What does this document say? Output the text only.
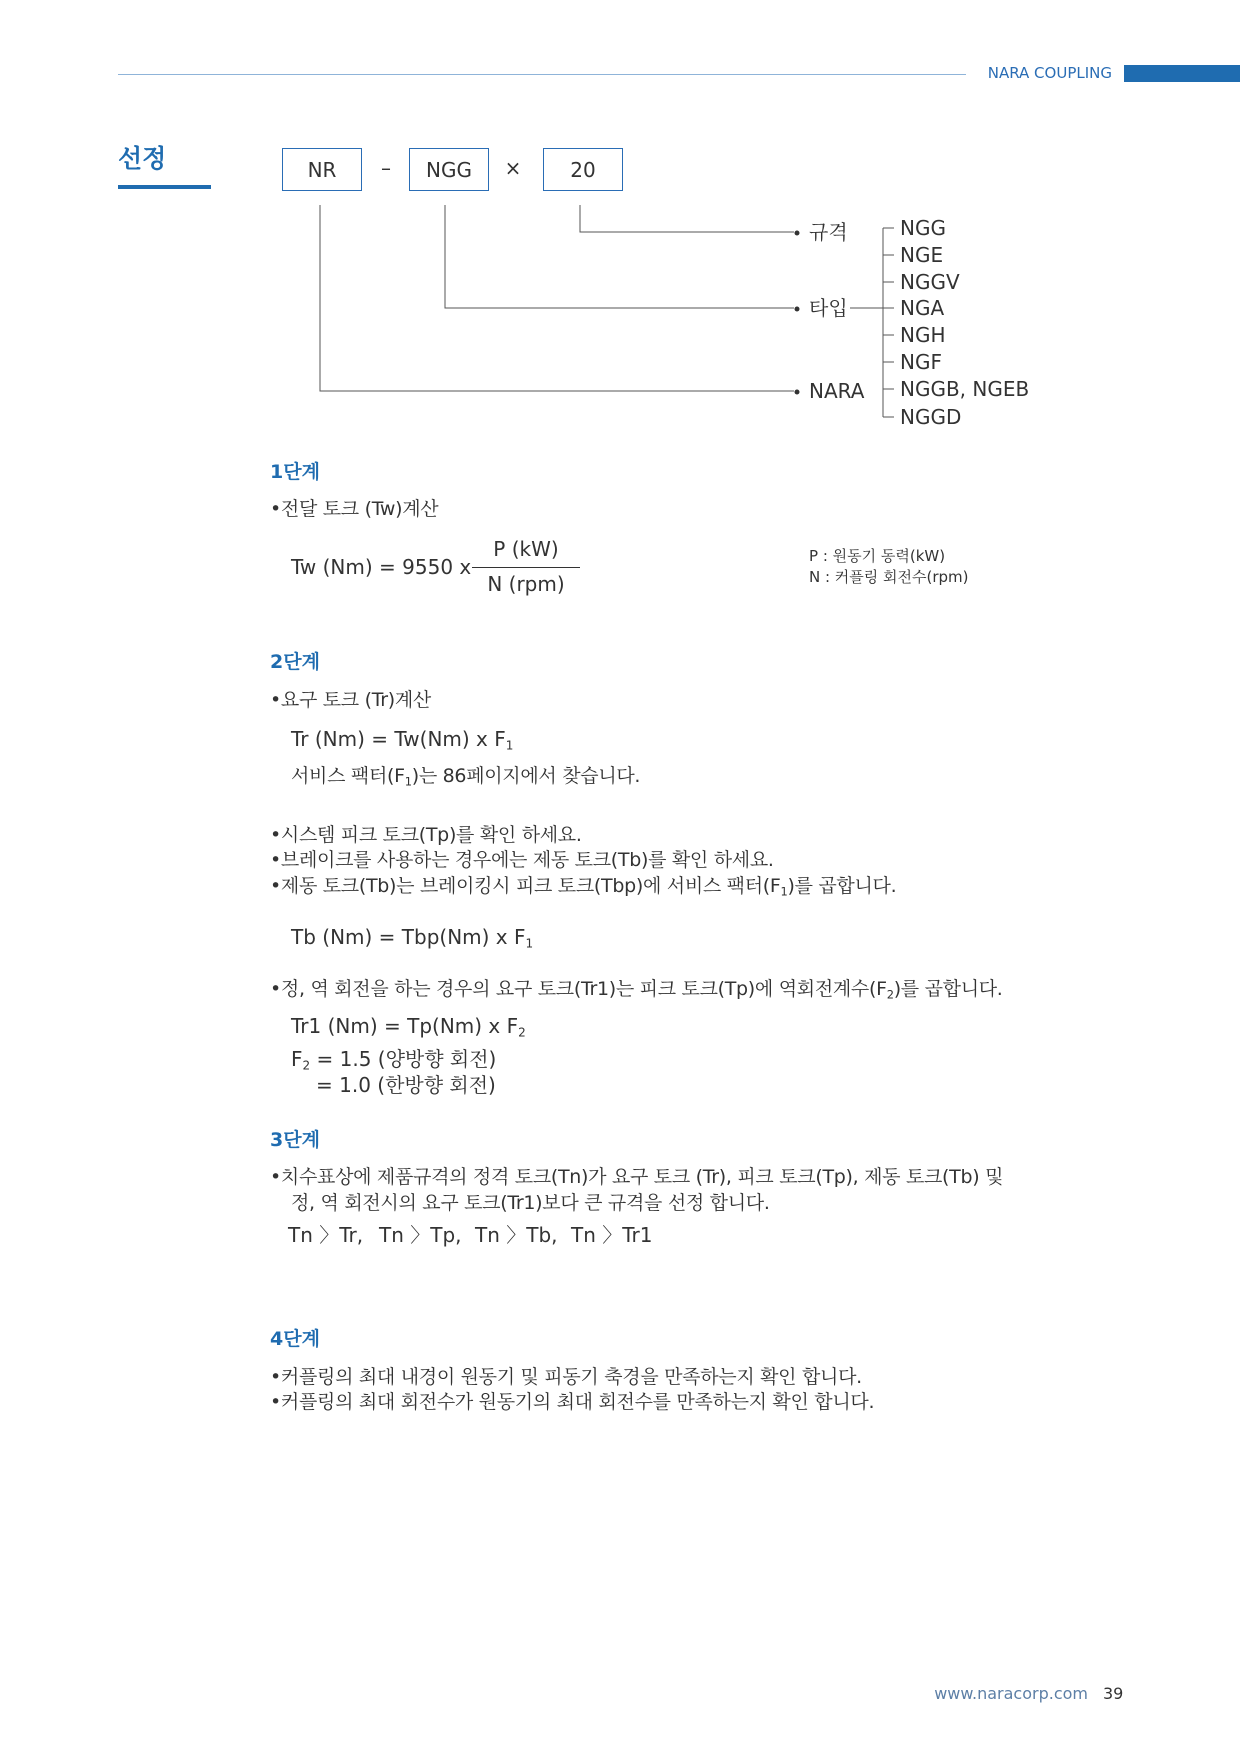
NARA COUPLING
선정	NR	–	NGG	×	20
규격
타입
NARA
NGG
NGE
NGGV
NGA
NGH
NGF
NGGB, NGEB
NGGD
1단계
•전달 토크 (Tw)계산
Tw (Nm) = 9550 x
P (kW)
N (rpm)
P : 원동기 동력(kW)
N : 커플링 회전수(rpm)
2단계
•요구 토크 (Tr)계산
Tr (Nm) = Tw(Nm) x $F_1$
서비스 팩터$(F_1)$는 86페이지에서 찾습니다.
•시스템 피크 토크(Tp)를 확인 하세요.
•브레이크를 사용하는 경우에는 제동 토크(Tb)를 확인 하세요.
•제동 토크(Tb)는 브레이킹시 피크 토크(Tbp)에 서비스 팩터$(F_1)$를 곱합니다.
Tb (Nm) = Tbp(Nm) x $F_1$
•정, 역 회전을 하는 경우의 요구 토크(Tr1)는 피크 토크(Tp)에 역회전계수$(F_2)$를 곱합니다.
Tr1 (Nm) = Tp(Nm) x $F_2$
$F_2 = 1.5$ (양방향 회전)
= 1.0 (한방향 회전)
3단계
•치수표상에 제품규격의 정격 토크(Tn)가 요구 토크 (Tr), 피크 토크(Tp), 제동 토크(Tb) 및
정, 역 회전시의 요구 토크(Tr1)보다 큰 규격을 선정 합니다.
Tn 〉Tr, Tn 〉Tp, Tn 〉Tb, Tn 〉Tr1
4단계
•커플링의 최대 내경이 원동기 및 피동기 축경을 만족하는지 확인 합니다.
•커플링의 최대 회전수가 원동기의 최대 회전수를 만족하는지 확인 합니다.
www.naracorp.com 39
